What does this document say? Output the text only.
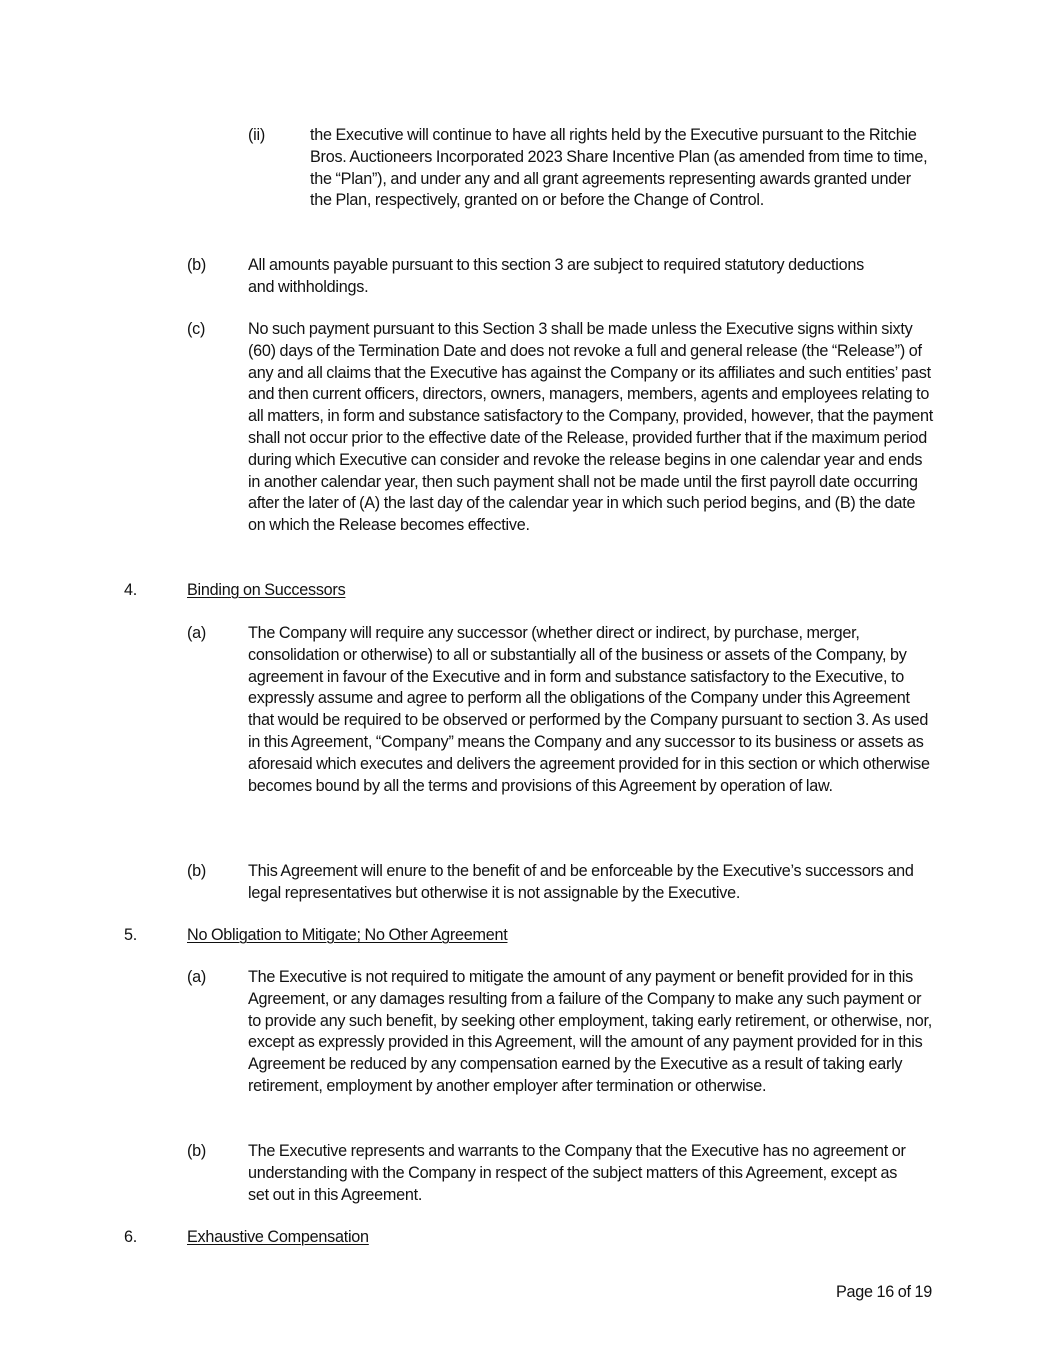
(ii)	the Executive will continue to have all rights held by the Executive pursuant to the Ritchie Bros. Auctioneers Incorporated 2023 Share Incentive Plan (as amended from time to time, the “Plan”), and under any and all grant agreements representing awards granted under the Plan, respectively, granted on or before the Change of Control.
(b)	All amounts payable pursuant to this section 3 are subject to required statutory deductions and withholdings.
(c)	No such payment pursuant to this Section 3 shall be made unless the Executive signs within sixty (60) days of the Termination Date and does not revoke a full and general release (the “Release”) of any and all claims that the Executive has against the Company or its affiliates and such entities’ past and then current officers, directors, owners, managers, members, agents and employees relating to all matters, in form and substance satisfactory to the Company, provided, however, that the payment shall not occur prior to the effective date of the Release, provided further that if the maximum period during which Executive can consider and revoke the release begins in one calendar year and ends in another calendar year, then such payment shall not be made until the first payroll date occurring after the later of (A) the last day of the calendar year in which such period begins, and (B) the date on which the Release becomes effective.
4.	Binding on Successors
(a)	The Company will require any successor (whether direct or indirect, by purchase, merger, consolidation or otherwise) to all or substantially all of the business or assets of the Company, by agreement in favour of the Executive and in form and substance satisfactory to the Executive, to expressly assume and agree to perform all the obligations of the Company under this Agreement that would be required to be observed or performed by the Company pursuant to section 3. As used in this Agreement, “Company” means the Company and any successor to its business or assets as aforesaid which executes and delivers the agreement provided for in this section or which otherwise becomes bound by all the terms and provisions of this Agreement by operation of law.
(b)	This Agreement will enure to the benefit of and be enforceable by the Executive’s successors and legal representatives but otherwise it is not assignable by the Executive.
5.	No Obligation to Mitigate; No Other Agreement
(a)	The Executive is not required to mitigate the amount of any payment or benefit provided for in this Agreement, or any damages resulting from a failure of the Company to make any such payment or to provide any such benefit, by seeking other employment, taking early retirement, or otherwise, nor, except as expressly provided in this Agreement, will the amount of any payment provided for in this Agreement be reduced by any compensation earned by the Executive as a result of taking early retirement, employment by another employer after termination or otherwise.
(b)	The Executive represents and warrants to the Company that the Executive has no agreement or understanding with the Company in respect of the subject matters of this Agreement, except as set out in this Agreement.
6.	Exhaustive Compensation
Page 16 of 19
